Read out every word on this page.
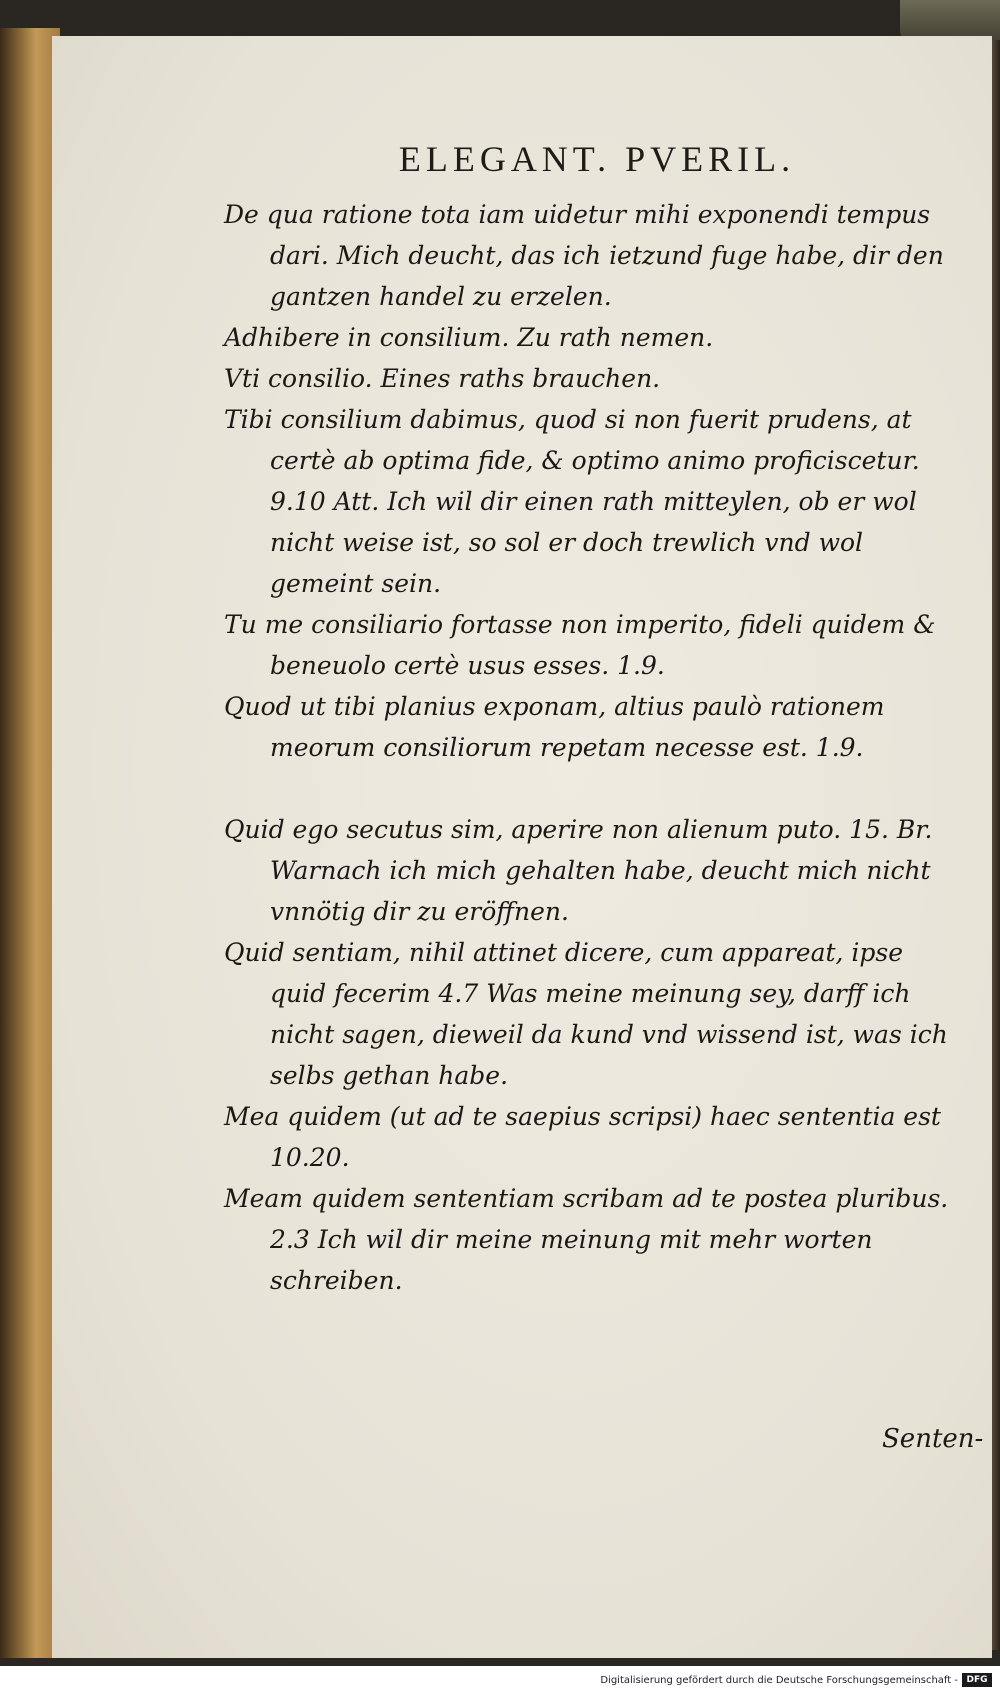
ELEGANT. PVERIL.

De qua ratione tota iam uidetur mihi exponendi tempus dari. Mich deucht, das ich ietzund fuge habe, dir den gantzen handel zu erzelen.

Adhibere in consilium. Zu rath nemen.

Vti consilio. Eines raths brauchen.

Tibi consilium dabimus, quod si non fuerit prudens, at certè ab optima fide, & optimo animo proficiscetur. 9.10 Att. Ich wil dir einen rath mitteylen, ob er wol nicht weise ist, so sol er doch trewlich vnd wol gemeint sein.

Tu me consiliario fortasse non imperito, fideli quidem & beneuolo certè usus esses. 1.9.

Quod ut tibi planius exponam, altius paulò rationem meorum consiliorum repetam necesse est. 1.9.

Quid ego secutus sim, aperire non alienum puto. 15. Br. Warnach ich mich gehalten habe, deucht mich nicht vnnötig dir zu eröffnen.

Quid sentiam, nihil attinet dicere, cum appareat, ipse quid fecerim 4.7 Was meine meinung sey, darff ich nicht sagen, dieweil da kund vnd wissend ist, was ich selbs gethan habe.

Mea quidem (ut ad te saepius scripsi) haec sententia est 10.20.

Meam quidem sententiam scribam ad te postea pluribus. 2.3 Ich wil dir meine meinung mit mehr worten schreiben.

Senten-
Digitalisierung gefördert durch die Deutsche Forschungsgemeinschaft - DFG
